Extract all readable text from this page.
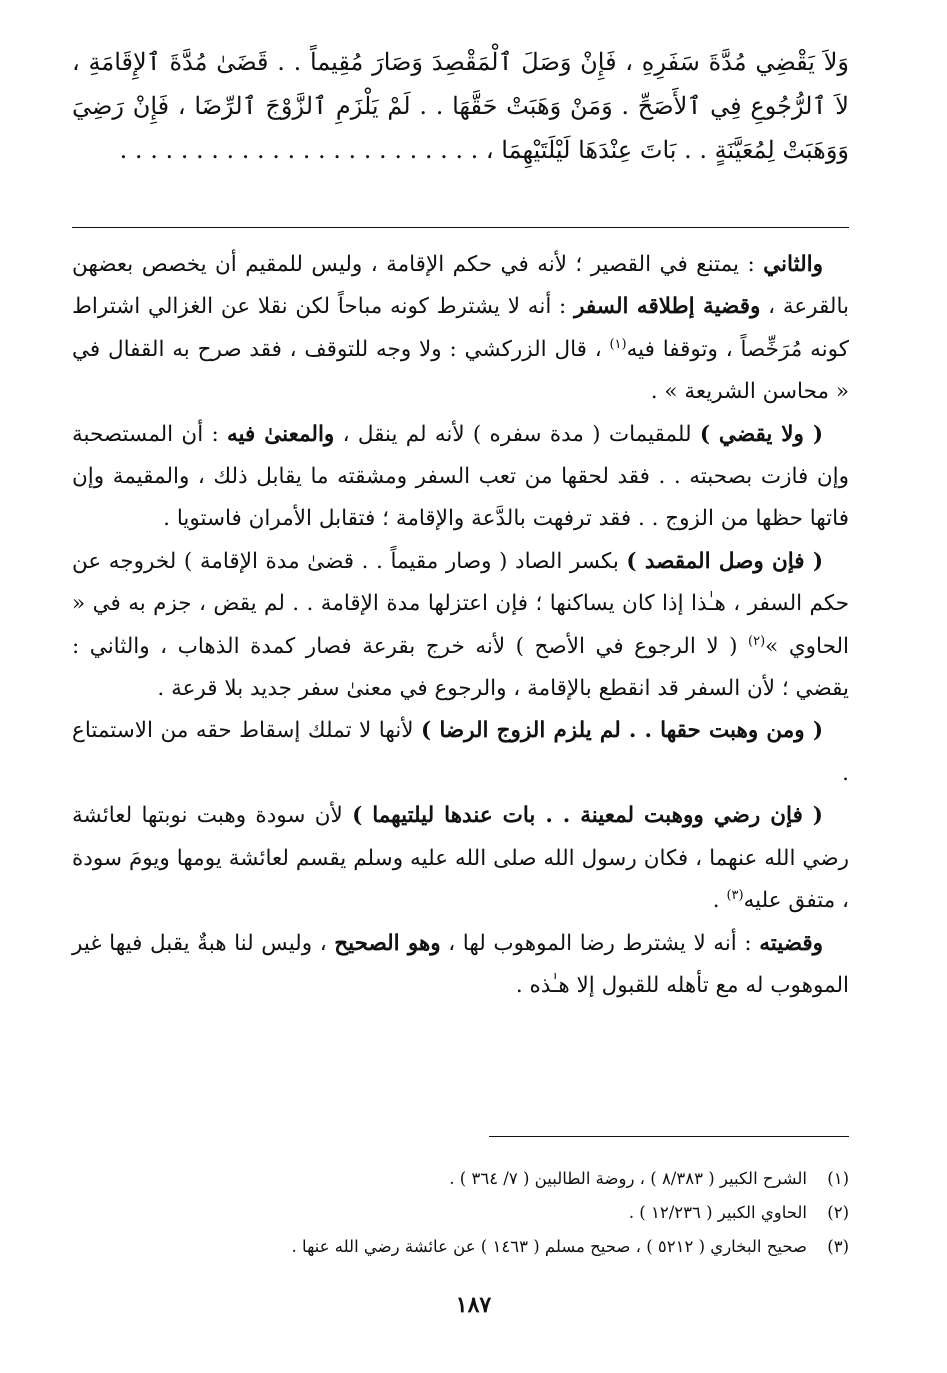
وَلاَ يَقْضِي مُدَّةَ سَفَرِهِ ، فَإِنْ وَصَلَ ٱلْمَقْصِدَ وَصَارَ مُقِيماً . . قَضَىٰ مُدَّةَ ٱلإِقَامَةِ ، لاَ ٱلرُّجُوعِ فِي ٱلأَصَحِّ . وَمَنْ وَهَبَتْ حَقَّهَا . . لَمْ يَلْزَمِ ٱلزَّوْجَ ٱلرِّضَا ، فَإِنْ رَضِيَ وَوَهَبَتْ لِمُعَيَّنَةٍ . . بَاتَ عِنْدَهَا لَيْلَتَيْهِمَا ، . . . . . . . . . . . . . . . . . . . . . . . .

والثاني : يمتنع في القصير ؛ لأنه في حكم الإقامة ، وليس للمقيم أن يخصص بعضهن بالقرعة ، وقضية إطلاقه السفر : أنه لا يشترط كونه مباحاً لكن نقلا عن الغزالي اشتراط كونه مُرَخِّصاً ، وتوقفا فيه$^{(١)}$ ، قال الزركشي : ولا وجه للتوقف ، فقد صرح به القفال في « محاسن الشريعة » .

( ولا يقضي ) للمقيمات ( مدة سفره ) لأنه لم ينقل ، والمعنىٰ فيه : أن المستصحبة وإن فازت بصحبته . . فقد لحقها من تعب السفر ومشقته ما يقابل ذلك ، والمقيمة وإن فاتها حظها من الزوج . . فقد ترفهت بالدَّعة والإقامة ؛ فتقابل الأمران فاستويا .

( فإن وصل المقصد ) بكسر الصاد ( وصار مقيماً . . قضىٰ مدة الإقامة ) لخروجه عن حكم السفر ، هـٰذا إذا كان يساكنها ؛ فإن اعتزلها مدة الإقامة . . لم يقض ، جزم به في « الحاوي »$^{(٢)}$ ( لا الرجوع في الأصح ) لأنه خرج بقرعة فصار كمدة الذهاب ، والثاني : يقضي ؛ لأن السفر قد انقطع بالإقامة ، والرجوع في معنىٰ سفر جديد بلا قرعة .

( ومن وهبت حقها . . لم يلزم الزوج الرضا ) لأنها لا تملك إسقاط حقه من الاستمتاع .

( فإن رضي ووهبت لمعينة . . بات عندها ليلتيهما ) لأن سودة وهبت نوبتها لعائشة رضي الله عنهما ، فكان رسول الله صلى الله عليه وسلم يقسم لعائشة يومها ويومَ سودة ، متفق عليه$^{(٣)}$ .

وقضيته : أنه لا يشترط رضا الموهوب لها ، وهو الصحيح ، وليس لنا هبةٌ يقبل فيها غير الموهوب له مع تأهله للقبول إلا هـٰذه .

(١)
الشرح الكبير ( ٨/٣٨٣ ) ، روضة الطالبين ( ٧/ ٣٦٤ ) .
(٢)
الحاوي الكبير ( ١٢/٢٣٦ ) .
(٣)
صحيح البخاري ( ٥٢١٢ ) ، صحيح مسلم ( ١٤٦٣ ) عن عائشة رضي الله عنها .
١٨٧
